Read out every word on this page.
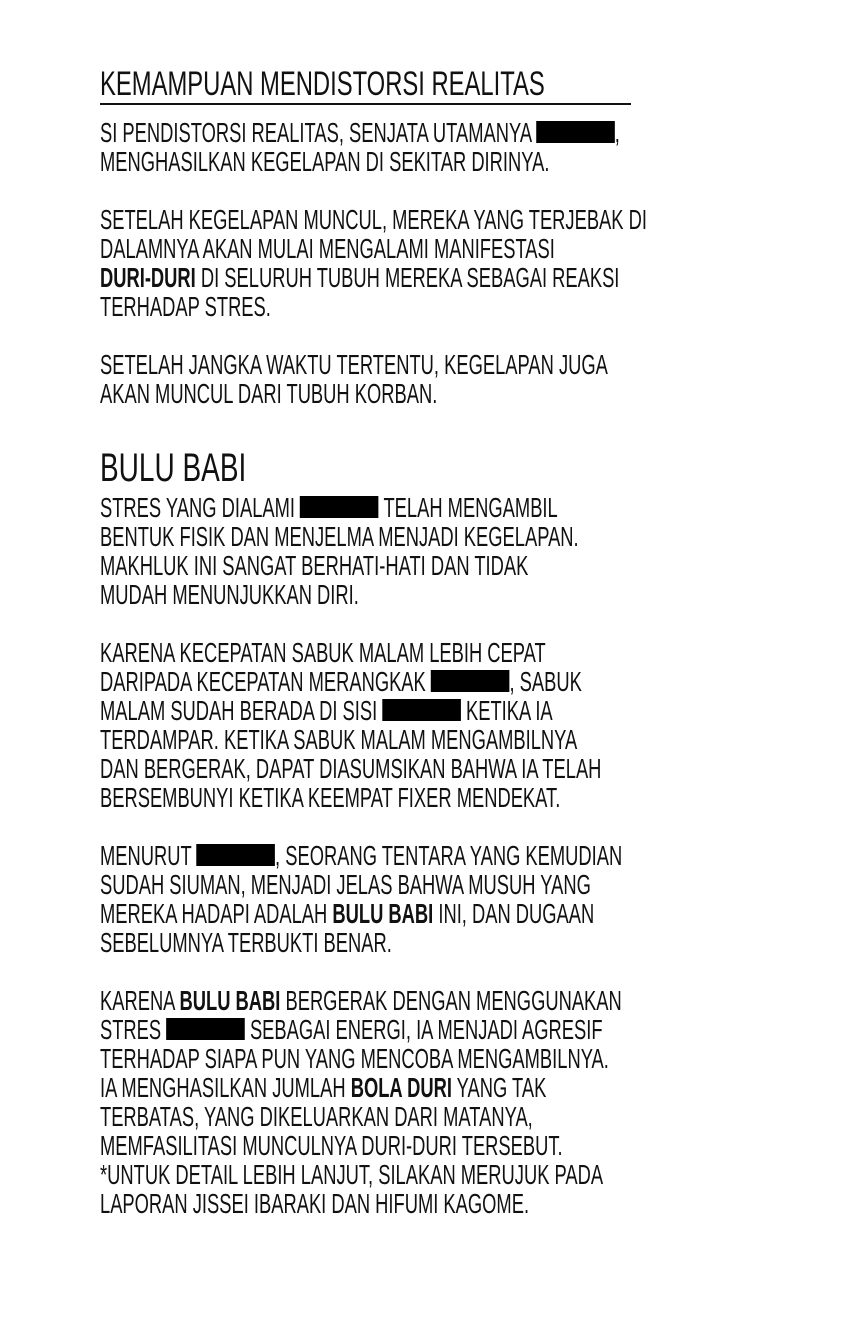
KEMAMPUAN MENDISTORSI REALITAS
SI PENDISTORSI REALITAS, SENJATA UTAMANYA	,
MENGHASILKAN KEGELAPAN DI SEKITAR DIRINYA.
SETELAH KEGELAPAN MUNCUL, MEREKA YANG TERJEBAK DI
DALAMNYA AKAN MULAI MENGALAMI MANIFESTASI
DURI-DURI DI SELURUH TUBUH MEREKA SEBAGAI REAKSI
TERHADAP STRES.
SETELAH JANGKA WAKTU TERTENTU, KEGELAPAN JUGA
AKAN MUNCUL DARI TUBUH KORBAN.
BULU BABI
STRES YANG DIALAMI	TELAH MENGAMBIL
BENTUK FISIK DAN MENJELMA MENJADI KEGELAPAN.
MAKHLUK INI SANGAT BERHATI-HATI DAN TIDAK
MUDAH MENUNJUKKAN DIRI.
KARENA KECEPATAN SABUK MALAM LEBIH CEPAT
DARIPADA KECEPATAN MERANGKAK	, SABUK
MALAM SUDAH BERADA DI SISI	KETIKA IA
TERDAMPAR. KETIKA SABUK MALAM MENGAMBILNYA
DAN BERGERAK, DAPAT DIASUMSIKAN BAHWA IA TELAH
BERSEMBUNYI KETIKA KEEMPAT FIXER MENDEKAT.
MENURUT	, SEORANG TENTARA YANG KEMUDIAN
SUDAH SIUMAN, MENJADI JELAS BAHWA MUSUH YANG
MEREKA HADAPI ADALAH BULU BABI INI, DAN DUGAAN
SEBELUMNYA TERBUKTI BENAR.
KARENA BULU BABI BERGERAK DENGAN MENGGUNAKAN
STRES	SEBAGAI ENERGI, IA MENJADI AGRESIF
TERHADAP SIAPA PUN YANG MENCOBA MENGAMBILNYA.
IA MENGHASILKAN JUMLAH BOLA DURI YANG TAK
TERBATAS, YANG DIKELUARKAN DARI MATANYA,
MEMFASILITASI MUNCULNYA DURI-DURI TERSEBUT.
*UNTUK DETAIL LEBIH LANJUT, SILAKAN MERUJUK PADA
LAPORAN JISSEI IBARAKI DAN HIFUMI KAGOME.
